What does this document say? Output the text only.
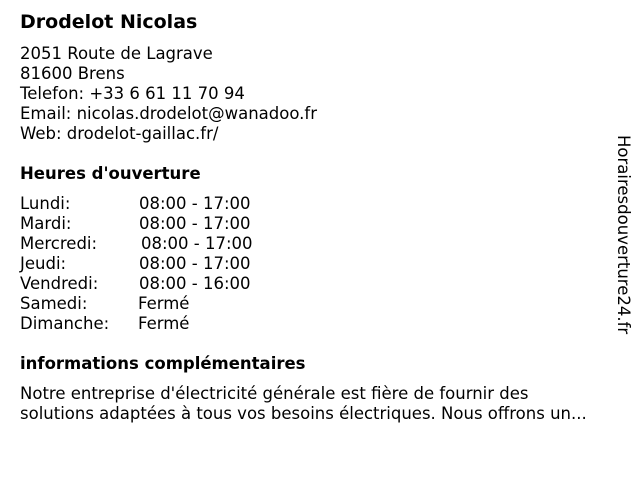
Drodelot Nicolas
2051 Route de Lagrave
81600 Brens
Telefon: +33 6 61 11 70 94
Email: nicolas.drodelot@wanadoo.fr
Web: drodelot-gaillac.fr/
Heures d'ouverture
Lundi:	08:00 - 17:00
Mardi:	08:00 - 17:00
Mercredi:	08:00 - 17:00
Jeudi:	08:00 - 17:00
Vendredi: 08:00 - 16:00
Samedi:	Fermé
Dimanche: Fermé
informations complémentaires
Notre entreprise d'électricité générale est fière de fournir des
solutions adaptées à tous vos besoins électriques. Nous offrons un...
Horairesdouverture24.fr
